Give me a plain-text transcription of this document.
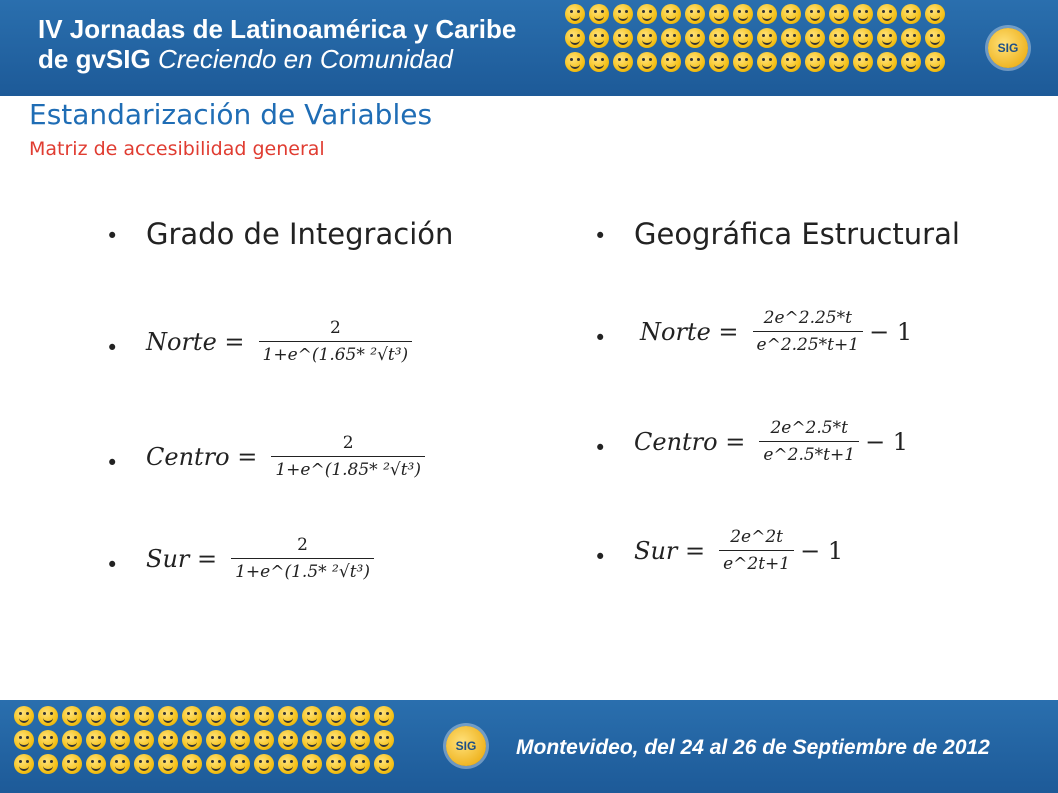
IV Jornadas de Latinoamérica y Caribe
de gvSIG Creciendo en Comunidad	SIG
Estandarización de Variables
Matriz de accesibilidad general
• Grado de Integración
• Norte = $\frac{2}{\text{1+e\textasciicircum{}(1.65* ²√t³)}}$
• Centro = $\frac{2}{\text{1+e\textasciicircum{}(1.85* ²√t³)}}$
• Sur = $\frac{2}{\text{1+e\textasciicircum{}(1.5* ²√t³)}}$
• Geográfica Estructural
• Norte = $\frac{2e\^{}2.25*t}{e\^{}2.25*t+1} - 1$
• Centro = $\frac{2e\^{}2.5*t}{e\^{}2.5*t+1} - 1$
• Sur = $\frac{2e\^{}2t}{e\^{}2t+1} - 1$
SIG	Montevideo, del 24 al 26 de Septiembre de 2012
